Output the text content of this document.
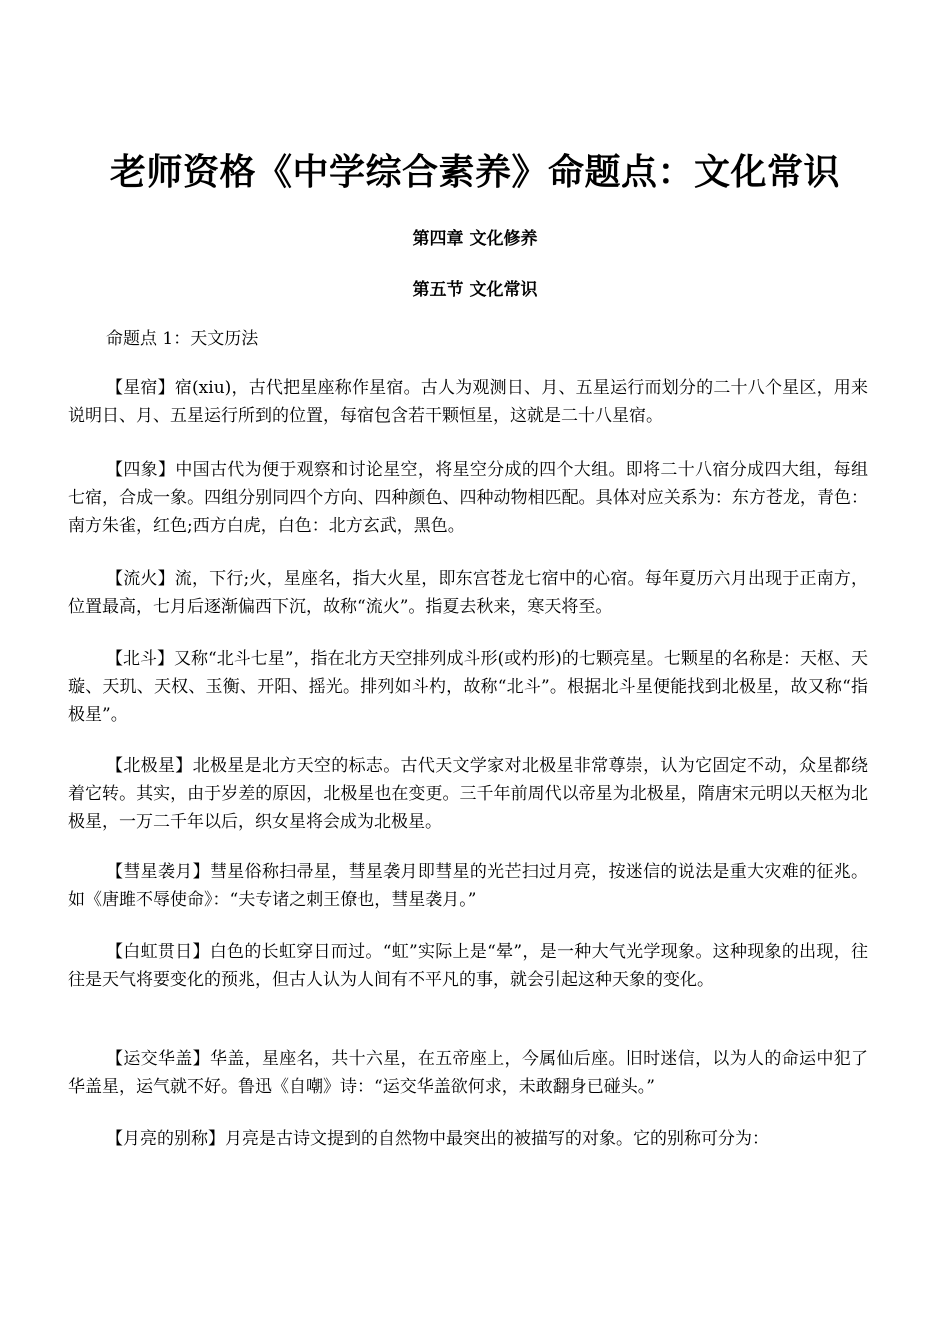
老师资格《中学综合素养》命题点：文化常识
第四章 文化修养
第五节 文化常识
命题点 1：天文历法

【星宿】宿(xiu)，古代把星座称作星宿。古人为观测日、月、五星运行而划分的二十八个星区，用来说明日、月、五星运行所到的位置，每宿包含若干颗恒星，这就是二十八星宿。

【四象】中国古代为便于观察和讨论星空，将星空分成的四个大组。即将二十八宿分成四大组，每组七宿，合成一象。四组分别同四个方向、四种颜色、四种动物相匹配。具体对应关系为：东方苍龙，青色：南方朱雀，红色;西方白虎，白色：北方玄武，黑色。

【流火】流，下行;火，星座名，指大火星，即东宫苍龙七宿中的心宿。每年夏历六月出现于正南方，位置最高，七月后逐渐偏西下沉，故称“流火”。指夏去秋来，寒天将至。

【北斗】又称“北斗七星”，指在北方天空排列成斗形(或杓形)的七颗亮星。七颗星的名称是：天枢、天璇、天玑、天权、玉衡、开阳、摇光。排列如斗杓，故称“北斗”。根据北斗星便能找到北极星，故又称“指极星”。

【北极星】北极星是北方天空的标志。古代天文学家对北极星非常尊崇，认为它固定不动，众星都绕着它转。其实，由于岁差的原因，北极星也在变更。三千年前周代以帝星为北极星，隋唐宋元明以天枢为北极星，一万二千年以后，织女星将会成为北极星。

【彗星袭月】彗星俗称扫帚星，彗星袭月即彗星的光芒扫过月亮，按迷信的说法是重大灾难的征兆。如《唐雎不辱使命》：“夫专诸之刺王僚也，彗星袭月。”

【白虹贯日】白色的长虹穿日而过。“虹”实际上是“晕”，是一种大气光学现象。这种现象的出现，往往是天气将要变化的预兆，但古人认为人间有不平凡的事，就会引起这种天象的变化。

【运交华盖】华盖，星座名，共十六星，在五帝座上，今属仙后座。旧时迷信，以为人的命运中犯了华盖星，运气就不好。鲁迅《自嘲》诗：“运交华盖欲何求，未敢翻身已碰头。”

【月亮的别称】月亮是古诗文提到的自然物中最突出的被描写的对象。它的别称可分为：
